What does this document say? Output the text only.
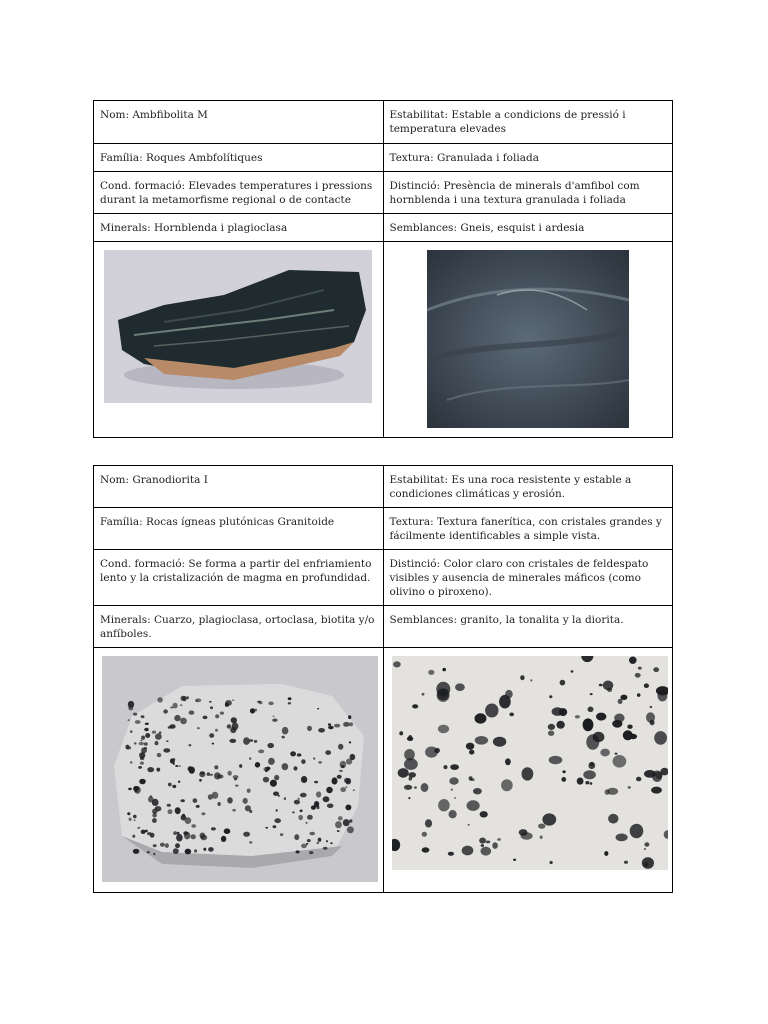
Nom: Ambfibolita M	Estabilitat: Estable a condicions de pressió i temperatura elevades
Família: Roques Ambfolítiques	Textura: Granulada i foliada
Cond. formació: Elevades temperatures i pressions durant la metamorfisme regional o de contacte	Distinció: Presència de minerals d'amfibol com hornblenda i una textura granulada i foliada
Minerals: Hornblenda i plagioclasa	Semblances: Gneis, esquist i ardesia

Nom: Granodiorita I	Estabilitat: Es una roca resistente y estable a condiciones climáticas y erosión.
Família: Rocas ígneas plutónicas Granitoide	Textura: Textura fanerítica, con cristales grandes y fácilmente identificables a simple vista.
Cond. formació: Se forma a partir del enfriamiento lento y la cristalización de magma en profundidad.	Distinció: Color claro con cristales de feldespato visibles y ausencia de minerales máficos (como olivino o piroxeno).
Minerals: Cuarzo, plagioclasa, ortoclasa, biotita y/o anfíboles.	Semblances: granito, la tonalita y la diorita.
